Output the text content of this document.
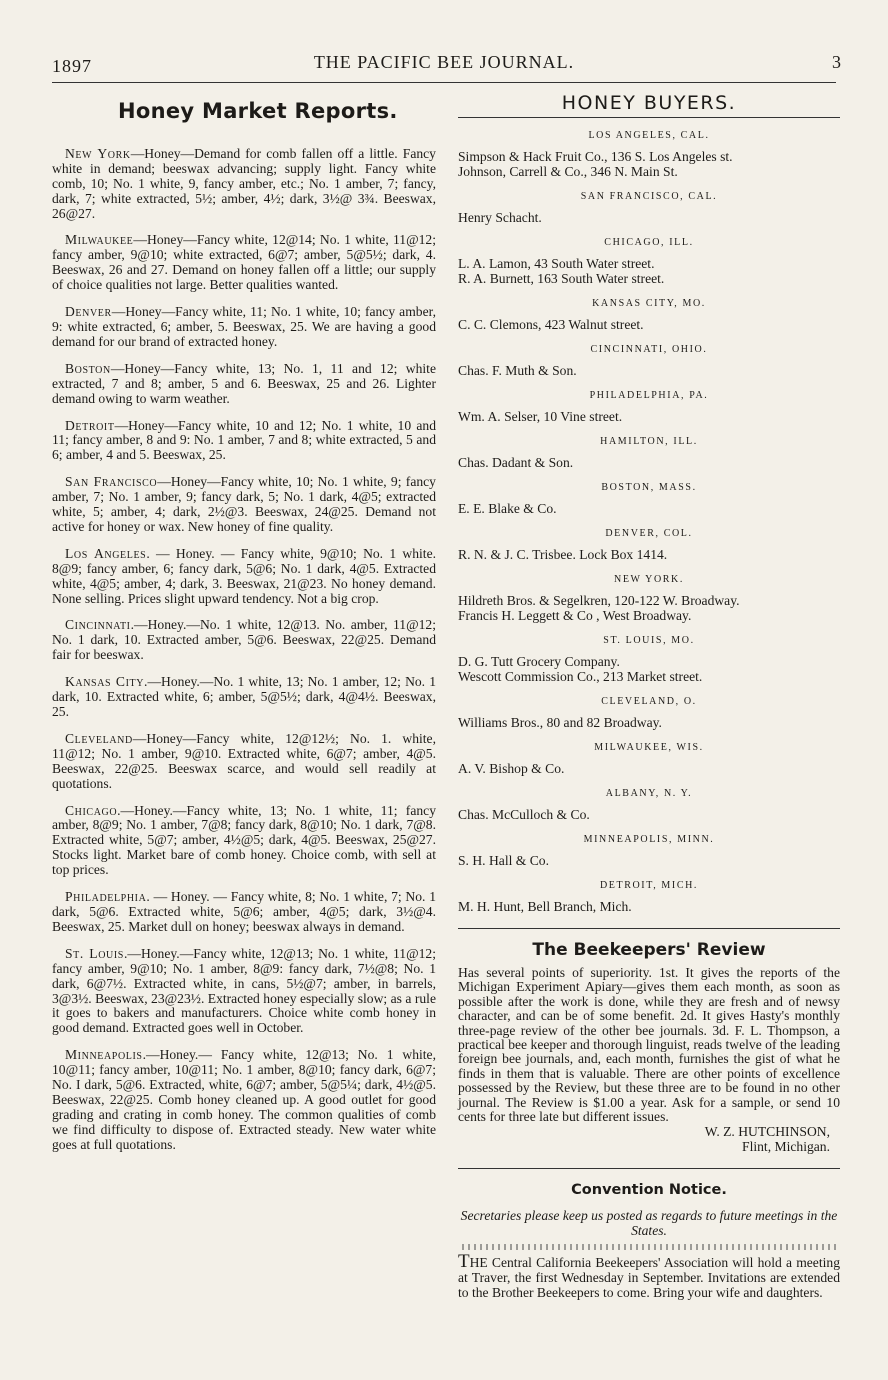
1897	THE PACIFIC BEE JOURNAL.	3
Honey Market Reports.

New York—Honey—Demand for comb fallen off a little. Fancy white in demand; beeswax advancing; supply light. Fancy white comb, 10; No. 1 white, 9, fancy amber, etc.; No. 1 amber, 7; fancy, dark, 7; white extracted, 5½; amber, 4½; dark, 3½@ 3¾. Beeswax, 26@27.

Milwaukee—Honey—Fancy white, 12@14; No. 1 white, 11@12; fancy amber, 9@10; white extracted, 6@7; amber, 5@5½; dark, 4. Beeswax, 26 and 27. Demand on honey fallen off a little; our supply of choice qualities not large. Better qualities wanted.

Denver—Honey—Fancy white, 11; No. 1 white, 10; fancy amber, 9: white extracted, 6; amber, 5. Beeswax, 25. We are having a good demand for our brand of extracted honey.

Boston—Honey—Fancy white, 13; No. 1, 11 and 12; white extracted, 7 and 8; amber, 5 and 6. Beeswax, 25 and 26. Lighter demand owing to warm weather.

Detroit—Honey—Fancy white, 10 and 12; No. 1 white, 10 and 11; fancy amber, 8 and 9: No. 1 amber, 7 and 8; white extracted, 5 and 6; amber, 4 and 5. Beeswax, 25.

San Francisco—Honey—Fancy white, 10; No. 1 white, 9; fancy amber, 7; No. 1 amber, 9; fancy dark, 5; No. 1 dark, 4@5; extracted white, 5; amber, 4; dark, 2½@3. Beeswax, 24@25. Demand not active for honey or wax. New honey of fine quality.

Los Angeles. — Honey. — Fancy white, 9@10; No. 1 white. 8@9; fancy amber, 6; fancy dark, 5@6; No. 1 dark, 4@5. Extracted white, 4@5; amber, 4; dark, 3. Beeswax, 21@23. No honey demand. None selling. Prices slight upward tendency. Not a big crop.

Cincinnati.—Honey.—No. 1 white, 12@13. No. amber, 11@12; No. 1 dark, 10. Extracted amber, 5@6. Beeswax, 22@25. Demand fair for beeswax.

Kansas City.—Honey.—No. 1 white, 13; No. 1 amber, 12; No. 1 dark, 10. Extracted white, 6; amber, 5@5½; dark, 4@4½. Beeswax, 25.

Cleveland—Honey—Fancy white, 12@12½; No. 1. white, 11@12; No. 1 amber, 9@10. Extracted white, 6@7; amber, 4@5. Beeswax, 22@25. Beeswax scarce, and would sell readily at quotations.

Chicago.—Honey.—Fancy white, 13; No. 1 white, 11; fancy amber, 8@9; No. 1 amber, 7@8; fancy dark, 8@10; No. 1 dark, 7@8. Extracted white, 5@7; amber, 4½@5; dark, 4@5. Beeswax, 25@27. Stocks light. Market bare of comb honey. Choice comb, with sell at top prices.

Philadelphia. — Honey. — Fancy white, 8; No. 1 white, 7; No. 1 dark, 5@6. Extracted white, 5@6; amber, 4@5; dark, 3½@4. Beeswax, 25. Market dull on honey; beeswax always in demand.

St. Louis.—Honey.—Fancy white, 12@13; No. 1 white, 11@12; fancy amber, 9@10; No. 1 amber, 8@9: fancy dark, 7½@8; No. 1 dark, 6@7½. Extracted white, in cans, 5½@7; amber, in barrels, 3@3½. Beeswax, 23@23½. Extracted honey especially slow; as a rule it goes to bakers and manufacturers. Choice white comb honey in good demand. Extracted goes well in October.

Minneapolis.—Honey.— Fancy white, 12@13; No. 1 white, 10@11; fancy amber, 10@11; No. 1 amber, 8@10; fancy dark, 6@7; No. I dark, 5@6. Extracted, white, 6@7; amber, 5@5¼; dark, 4½@5. Beeswax, 22@25. Comb honey cleaned up. A good outlet for good grading and crating in comb honey. The common qualities of comb we find difficulty to dispose of. Extracted steady. New water white goes at full quotations.

HONEY BUYERS.
LOS ANGELES, CAL.

Simpson & Hack Fruit Co., 136 S. Los Angeles st.

Johnson, Carrell & Co., 346 N. Main St.

SAN FRANCISCO, CAL.

Henry Schacht.

CHICAGO, ILL.

L. A. Lamon, 43 South Water street.

R. A. Burnett, 163 South Water street.

KANSAS CITY, MO.

C. C. Clemons, 423 Walnut street.

CINCINNATI, OHIO.

Chas. F. Muth & Son.

PHILADELPHIA, PA.

Wm. A. Selser, 10 Vine street.

HAMILTON, ILL.

Chas. Dadant & Son.

BOSTON, MASS.

E. E. Blake & Co.

DENVER, COL.

R. N. & J. C. Trisbee. Lock Box 1414.

NEW YORK.

Hildreth Bros. & Segelkren, 120-122 W. Broadway.

Francis H. Leggett & Co , West Broadway.

ST. LOUIS, MO.

D. G. Tutt Grocery Company.

Wescott Commission Co., 213 Market street.

CLEVELAND, O.

Williams Bros., 80 and 82 Broadway.

MILWAUKEE, WIS.

A. V. Bishop & Co.

ALBANY, N. Y.

Chas. McCulloch & Co.

MINNEAPOLIS, MINN.

S. H. Hall & Co.

DETROIT, MICH.

M. H. Hunt, Bell Branch, Mich.

The Beekeepers' Review

Has several points of superiority. 1st. It gives the reports of the Michigan Experiment Apiary—gives them each month, as soon as possible after the work is done, while they are fresh and of newsy character, and can be of some benefit. 2d. It gives Hasty's monthly three-page review of the other bee journals. 3d. F. L. Thompson, a practical bee keeper and thorough linguist, reads twelve of the leading foreign bee journals, and, each month, furnishes the gist of what he finds in them that is valuable. There are other points of excellence possessed by the Review, but these three are to be found in no other journal. The Review is $1.00 a year. Ask for a sample, or send 10 cents for three late but different issues.

W. Z. HUTCHINSON,

Flint, Michigan.

Convention Notice.

Secretaries please keep us posted as regards to future meetings in the States.

THE Central California Beekeepers' Association will hold a meeting at Traver, the first Wednesday in September. Invitations are extended to the Brother Beekeepers to come. Bring your wife and daughters.
